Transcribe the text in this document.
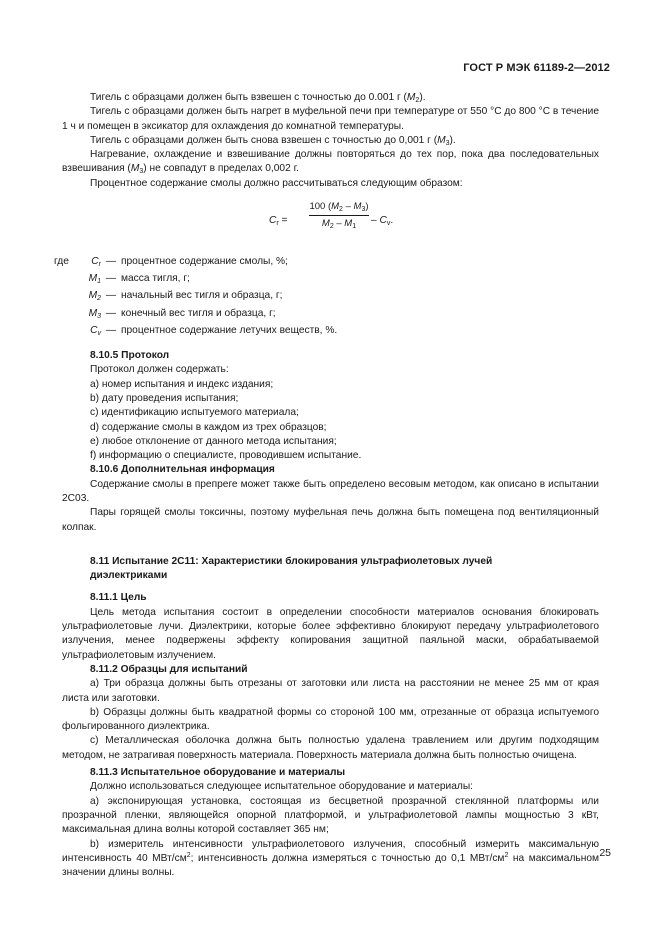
ГОСТ Р МЭК 61189-2—2012

Тигель с образцами должен быть взвешен с точностью до 0.001 г $(M_2)$.

Тигель с образцами должен быть нагрет в муфельной печи при температуре от 550 °С до 800 °С в течение 1 ч и помещен в эксикатор для охлаждения до комнатной температуры.

Тигель с образцами должен быть снова взвешен с точностью до 0,001 г $(M_3)$.

Нагревание, охлаждение и взвешивание должны повторяться до тех пор, пока два последовательных взвешивания $(M_3)$ не совпадут в пределах 0,002 г.

Процентное содержание смолы должно рассчитываться следующим образом:

$C_r = \frac{100 (M_2 - M_3)}{M_2 - M_1} - C_v$.
где	$C_r$ — процентное содержание смолы, %;
$M_1$ — масса тигля, г;
$M_2$ — начальный вес тигля и образца, г;
$M_3$ — конечный вес тигля и образца, г;
$C_v$ — процентное содержание летучих веществ, %.

8.10.5 Протокол

Протокол должен содержать:

a) номер испытания и индекс издания;

b) дату проведения испытания;

c) идентификацию испытуемого материала;

d) содержание смолы в каждом из трех образцов;

e) любое отклонение от данного метода испытания;

f) информацию о специалисте, проводившем испытание.

8.10.6 Дополнительная информация

Содержание смолы в препреге может также быть определено весовым методом, как описано в испытании 2С03.

Пары горящей смолы токсичны, поэтому муфельная печь должна быть помещена под вентиляционный колпак.

8.11 Испытание 2С11: Характеристики блокирования ультрафиолетовых лучей

диэлектриками

8.11.1 Цель

Цель метода испытания состоит в определении способности материалов основания блокировать ультрафиолетовые лучи. Диэлектрики, которые более эффективно блокируют передачу ультрафиолетового излучения, менее подвержены эффекту копирования защитной паяльной маски, обрабатываемой ультрафиолетовым излучением.

8.11.2 Образцы для испытаний

a) Три образца должны быть отрезаны от заготовки или листа на расстоянии не менее 25 мм от края листа или заготовки.

b) Образцы должны быть квадратной формы со стороной 100 мм, отрезанные от образца испытуемого фольгированного диэлектрика.

c) Металлическая оболочка должна быть полностью удалена травлением или другим подходящим методом, не затрагивая поверхность материала. Поверхность материала должна быть полностью очищена.

8.11.3 Испытательное оборудование и материалы

Должно использоваться следующее испытательное оборудование и материалы:

a) экспонирующая установка, состоящая из бесцветной прозрачной стеклянной платформы или прозрачной пленки, являющейся опорной платформой, и ультрафиолетовой лампы мощностью 3 кВт, максимальная длина волны которой составляет 365 нм;

b) измеритель интенсивности ультрафиолетового излучения, способный измерить максимальную интенсивность 40 МВт/$см^2$; интенсивность должна измеряться с точностью до 0,1 МВт/$см^2$ на максимальном значении длины волны.

25
